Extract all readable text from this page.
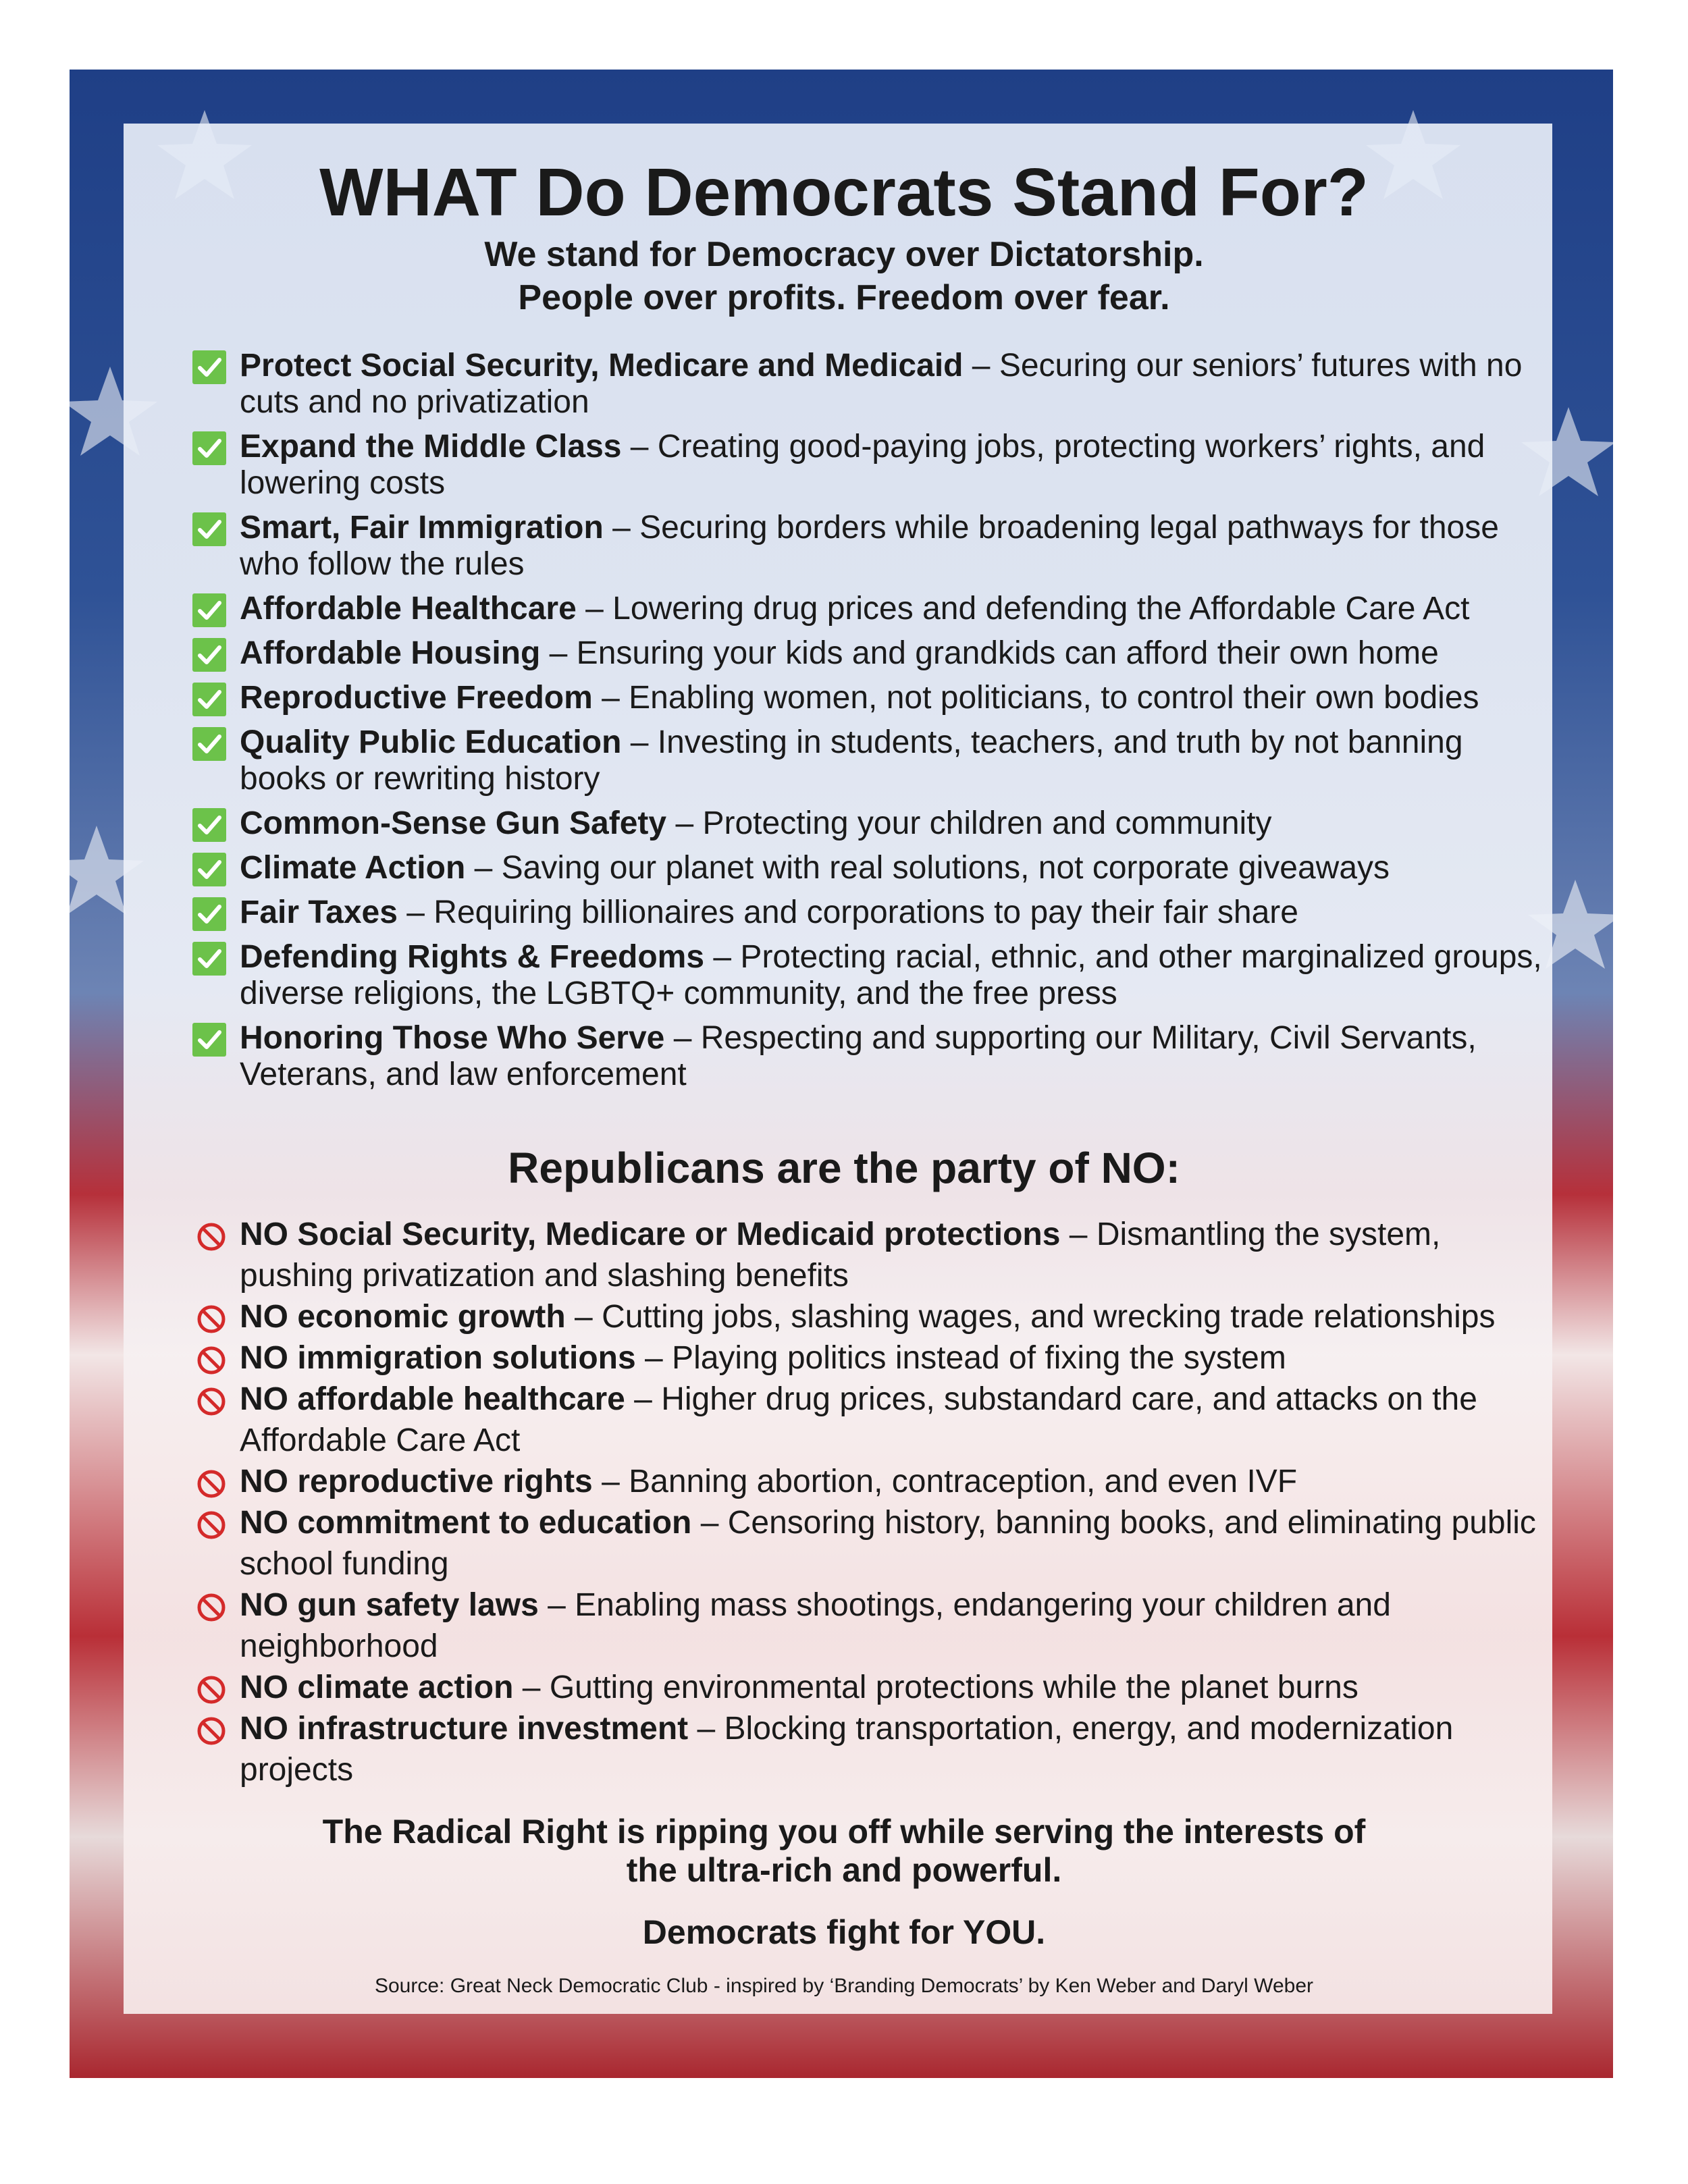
WHAT Do Democrats Stand For?
We stand for Democracy over Dictatorship.
People over profits. Freedom over fear.
Protect Social Security, Medicare and Medicaid – Securing our seniors’ futures with no cuts and no privatization
Expand the Middle Class – Creating good-paying jobs, protecting workers’ rights, and lowering costs
Smart, Fair Immigration – Securing borders while broadening legal pathways for those who follow the rules
Affordable Healthcare – Lowering drug prices and defending the Affordable Care Act
Affordable Housing – Ensuring your kids and grandkids can afford their own home
Reproductive Freedom – Enabling women, not politicians, to control their own bodies
Quality Public Education – Investing in students, teachers, and truth by not banning books or rewriting history
Common-Sense Gun Safety – Protecting your children and community
Climate Action – Saving our planet with real solutions, not corporate giveaways
Fair Taxes – Requiring billionaires and corporations to pay their fair share
Defending Rights & Freedoms – Protecting racial, ethnic, and other marginalized groups, diverse religions, the LGBTQ+ community, and the free press
Honoring Those Who Serve – Respecting and supporting our Military, Civil Servants, Veterans, and law enforcement
Republicans are the party of NO:
NO Social Security, Medicare or Medicaid protections – Dismantling the system, pushing privatization and slashing benefits
NO economic growth – Cutting jobs, slashing wages, and wrecking trade relationships
NO immigration solutions – Playing politics instead of fixing the system
NO affordable healthcare – Higher drug prices, substandard care, and attacks on the Affordable Care Act
NO reproductive rights – Banning abortion, contraception, and even IVF
NO commitment to education – Censoring history, banning books, and eliminating public school funding
NO gun safety laws – Enabling mass shootings, endangering your children and neighborhood
NO climate action – Gutting environmental protections while the planet burns
NO infrastructure investment – Blocking transportation, energy, and modernization projects
The Radical Right is ripping you off while serving the interests of
the ultra-rich and powerful.

Democrats fight for YOU.

Source: Great Neck Democratic Club - inspired by ‘Branding Democrats’ by Ken Weber and Daryl Weber
